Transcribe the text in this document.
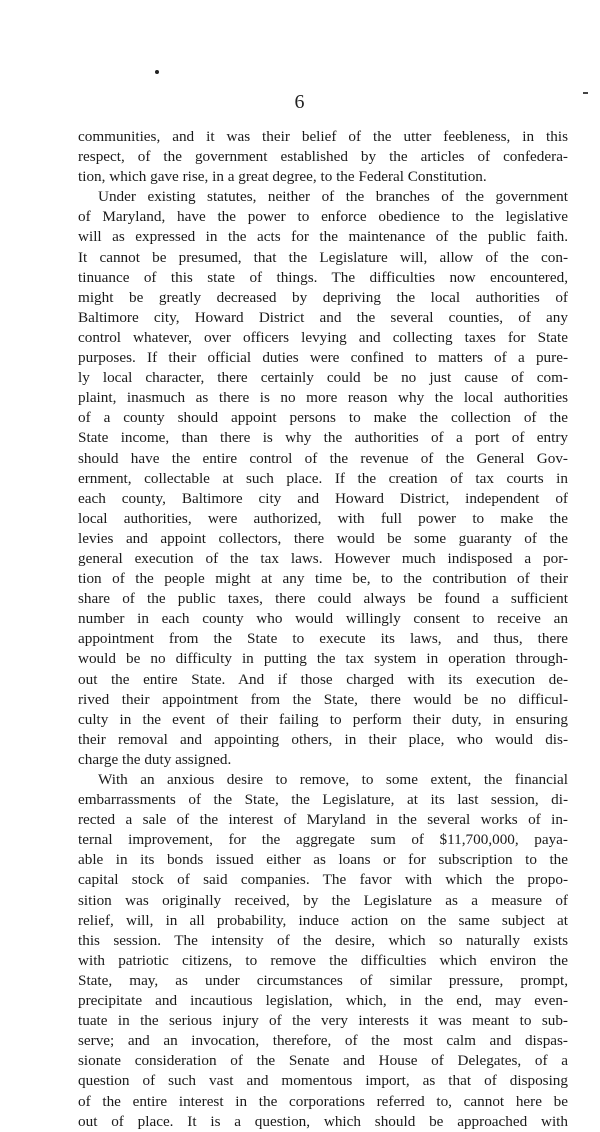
6
communities, and it was their belief of the utter feebleness, in this
respect, of the government established by the articles of confedera-
tion, which gave rise, in a great degree, to the Federal Constitution.
Under existing statutes, neither of the branches of the government
of Maryland, have the power to enforce obedience to the legislative
will as expressed in the acts for the maintenance of the public faith.
It cannot be presumed, that the Legislature will, allow of the con-
tinuance of this state of things. The difficulties now encountered,
might be greatly decreased by depriving the local authorities of
Baltimore city, Howard District and the several counties, of any
control whatever, over officers levying and collecting taxes for State
purposes. If their official duties were confined to matters of a pure-
ly local character, there certainly could be no just cause of com-
plaint, inasmuch as there is no more reason why the local authorities
of a county should appoint persons to make the collection of the
State income, than there is why the authorities of a port of entry
should have the entire control of the revenue of the General Gov-
ernment, collectable at such place. If the creation of tax courts in
each county, Baltimore city and Howard District, independent of
local authorities, were authorized, with full power to make the
levies and appoint collectors, there would be some guaranty of the
general execution of the tax laws. However much indisposed a por-
tion of the people might at any time be, to the contribution of their
share of the public taxes, there could always be found a sufficient
number in each county who would willingly consent to receive an
appointment from the State to execute its laws, and thus, there
would be no difficulty in putting the tax system in operation through-
out the entire State. And if those charged with its execution de-
rived their appointment from the State, there would be no difficul-
culty in the event of their failing to perform their duty, in ensuring
their removal and appointing others, in their place, who would dis-
charge the duty assigned.
With an anxious desire to remove, to some extent, the financial
embarrassments of the State, the Legislature, at its last session, di-
rected a sale of the interest of Maryland in the several works of in-
ternal improvement, for the aggregate sum of $11,700,000, paya-
able in its bonds issued either as loans or for subscription to the
capital stock of said companies. The favor with which the propo-
sition was originally received, by the Legislature as a measure of
relief, will, in all probability, induce action on the same subject at
this session. The intensity of the desire, which so naturally exists
with patriotic citizens, to remove the difficulties which environ the
State, may, as under circumstances of similar pressure, prompt,
precipitate and incautious legislation, which, in the end, may even-
tuate in the serious injury of the very interests it was meant to sub-
serve; and an invocation, therefore, of the most calm and dispas-
sionate consideration of the Senate and House of Delegates, of a
question of such vast and momentous import, as that of disposing
of the entire interest in the corporations referred to, cannot here be
out of place. It is a question, which should be approached with
